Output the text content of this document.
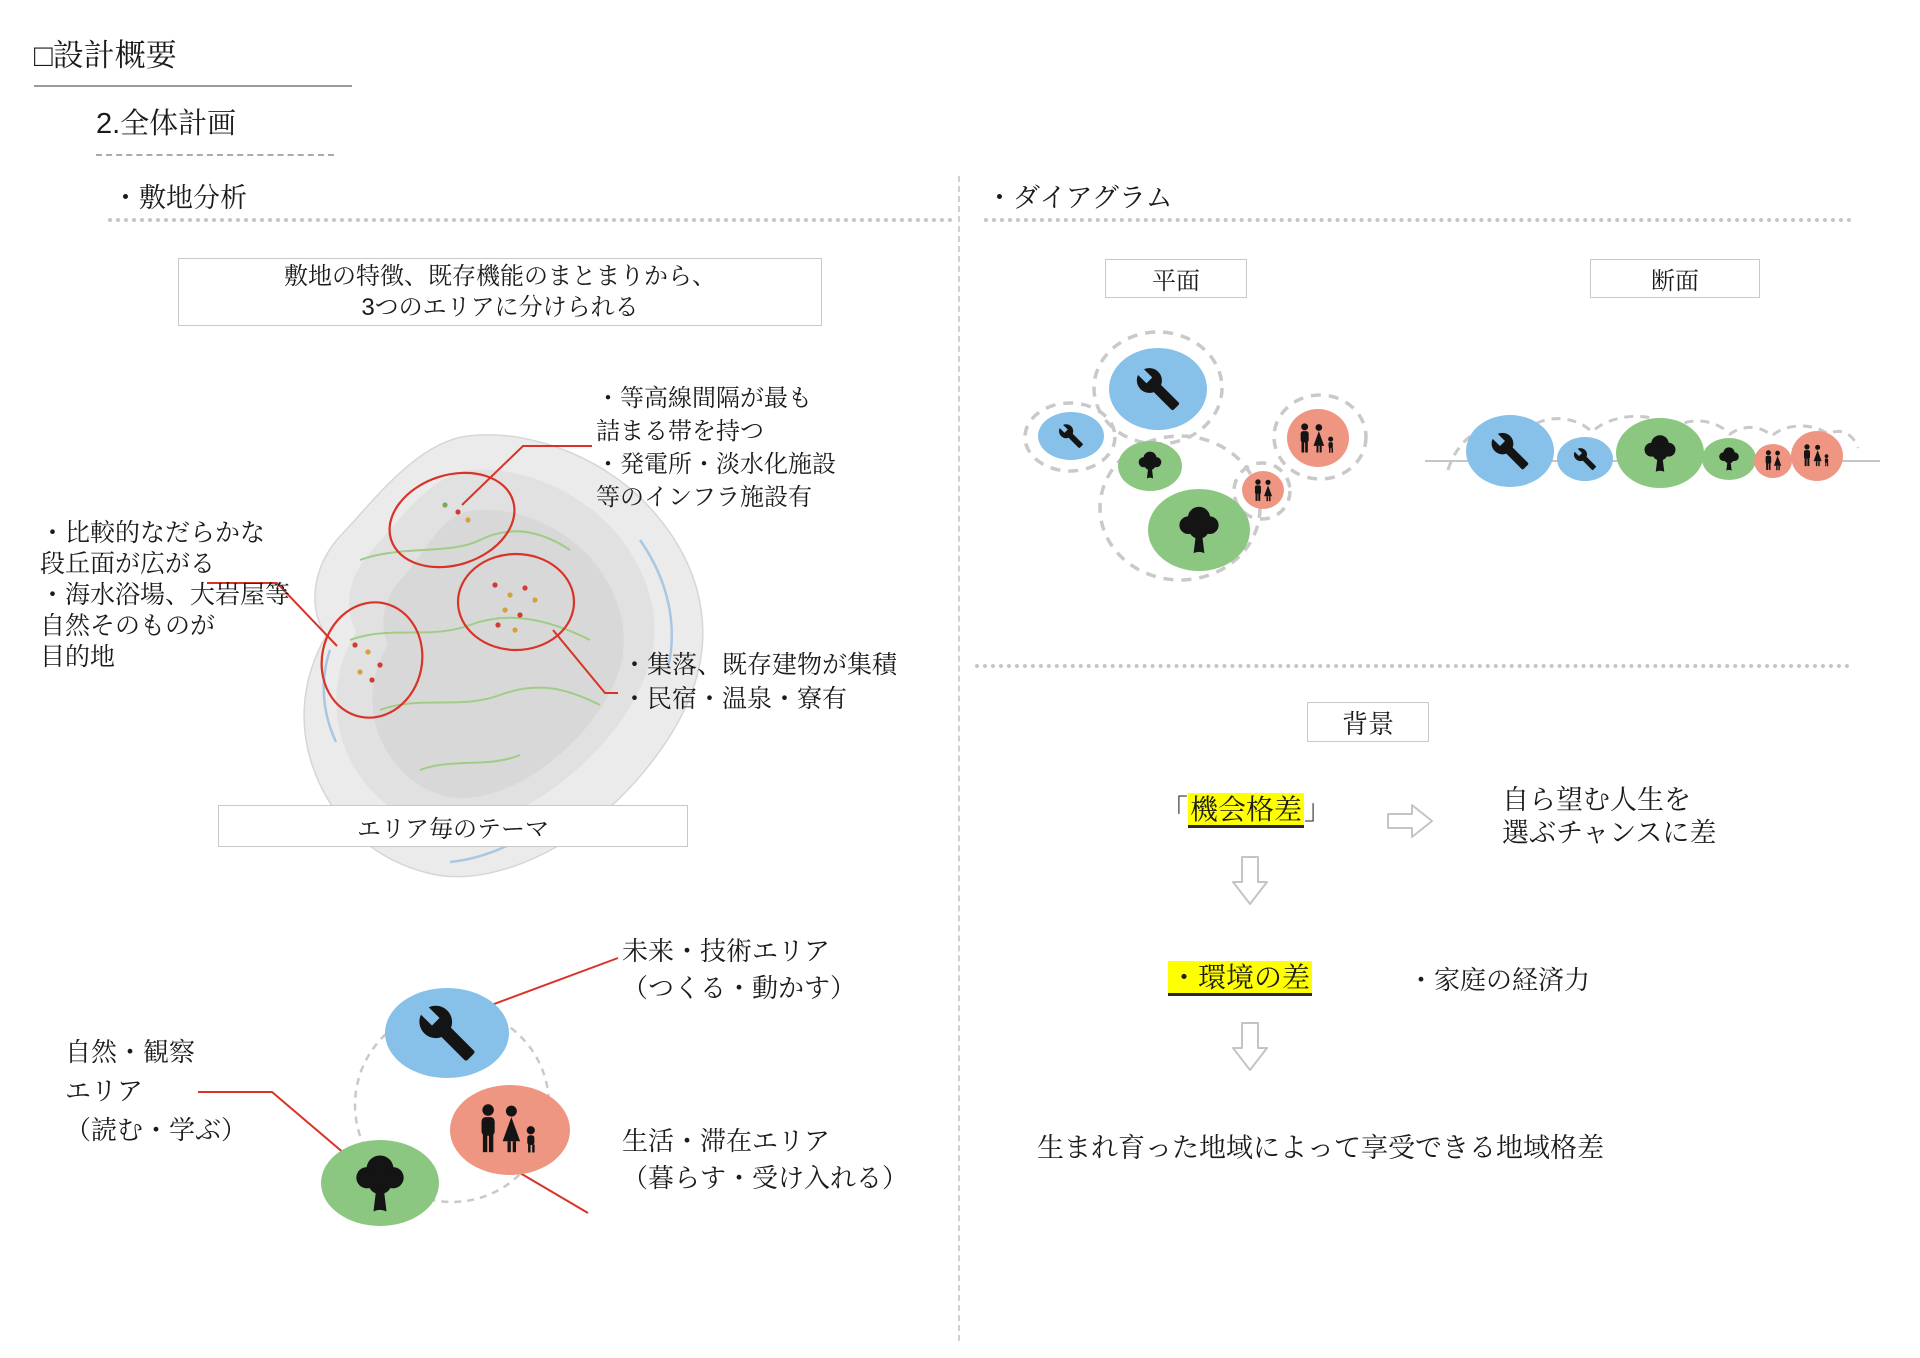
□設計概要
2.全体計画
・敷地分析	・ダイアグラム
敷地の特徴、既存機能のまとまりから、
3つのエリアに分けられる
・等高線間隔が最も
詰まる帯を持つ
・発電所・淡水化施設
等のインフラ施設有
・比較的なだらかな
段丘面が広がる
・海水浴場、大岩屋等
自然そのものが
目的地	・集落、既存建物が集積
・民宿・温泉・寮有
エリア毎のテーマ
未来・技術エリア
（つくる・動かす）
自然・観察
エリア
（読む・学ぶ）	生活・滞在エリア
（暮らす・受け入れる）
平面	断面
背景
「機会格差」	自ら望む人生を
選ぶチャンスに差
・環境の差	・家庭の経済力
生まれ育った地域によって享受できる地域格差
